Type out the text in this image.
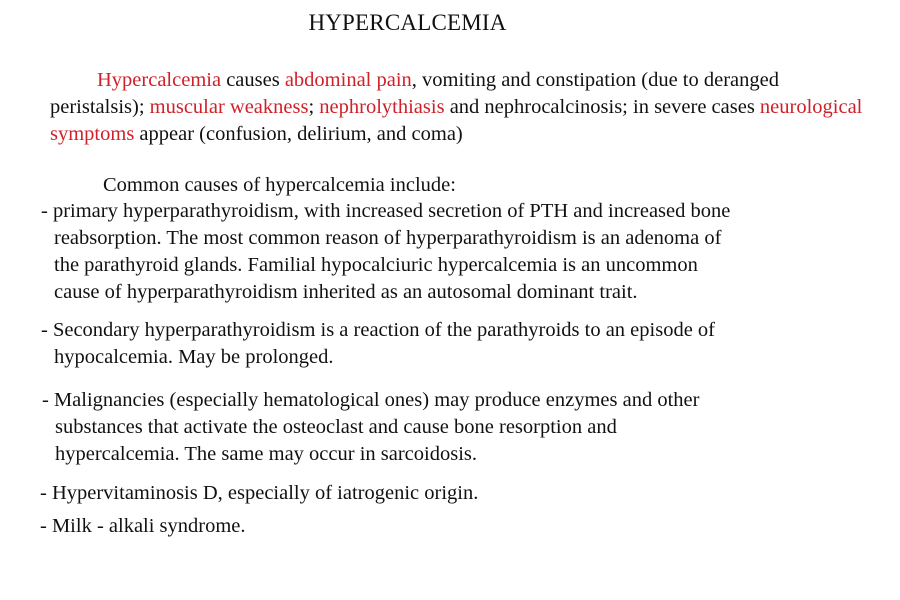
HYPERCALCEMIA
Hypercalcemia causes abdominal pain, vomiting and constipation (due to deranged peristalsis); muscular weakness; nephrolythiasis and nephrocalcinosis; in severe cases neurological symptoms appear (confusion, delirium, and coma)
Common causes of hypercalcemia include:
- primary hyperparathyroidism, with increased secretion of PTH and increased bone
reabsorption. The most common reason of hyperparathyroidism is an adenoma of
the parathyroid glands. Familial hypocalciuric hypercalcemia is an uncommon
cause of hyperparathyroidism inherited as an autosomal dominant trait.
- Secondary hyperparathyroidism is a reaction of the parathyroids to an episode of
hypocalcemia. May be prolonged.
- Malignancies (especially hematological ones) may produce enzymes and other
substances that activate the osteoclast and cause bone resorption and
hypercalcemia. The same may occur in sarcoidosis.
- Hypervitaminosis D, especially of iatrogenic origin.
- Milk - alkali syndrome.
